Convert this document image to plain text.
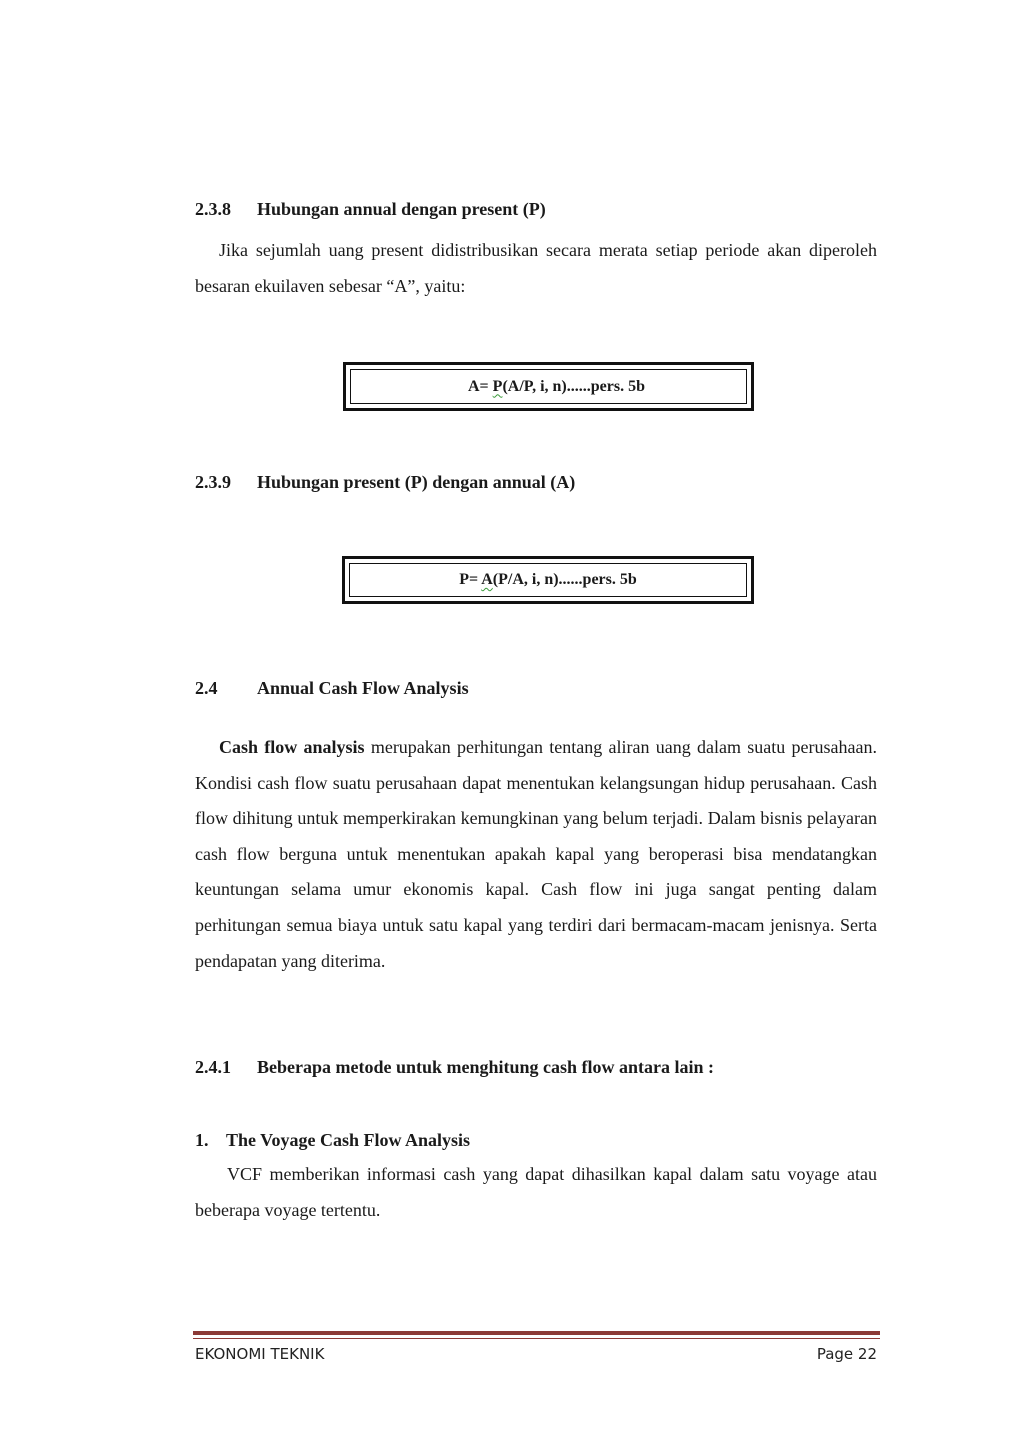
2.3.8 Hubungan annual dengan present (P)
Jika sejumlah uang present didistribusikan secara merata setiap periode akan diperoleh besaran ekuilaven sebesar “A”, yaitu:
A= P(A/P, i, n)......pers. 5b
2.3.9 Hubungan present (P) dengan annual (A)
P= A(P/A, i, n)......pers. 5b
2.4 Annual Cash Flow Analysis
Cash flow analysis merupakan perhitungan tentang aliran uang dalam suatu perusahaan. Kondisi cash flow suatu perusahaan dapat menentukan kelangsungan hidup perusahaan. Cash flow dihitung untuk memperkirakan kemungkinan yang belum terjadi. Dalam bisnis pelayaran cash flow berguna untuk menentukan apakah kapal yang beroperasi bisa mendatangkan keuntungan selama umur ekonomis kapal. Cash flow ini juga sangat penting dalam perhitungan semua biaya untuk satu kapal yang terdiri dari bermacam-macam jenisnya. Serta pendapatan yang diterima.
2.4.1 Beberapa metode untuk menghitung cash flow antara lain :
1. The Voyage Cash Flow Analysis
VCF memberikan informasi cash yang dapat dihasilkan kapal dalam satu voyage atau beberapa voyage tertentu.
EKONOMI TEKNIK	Page 22
